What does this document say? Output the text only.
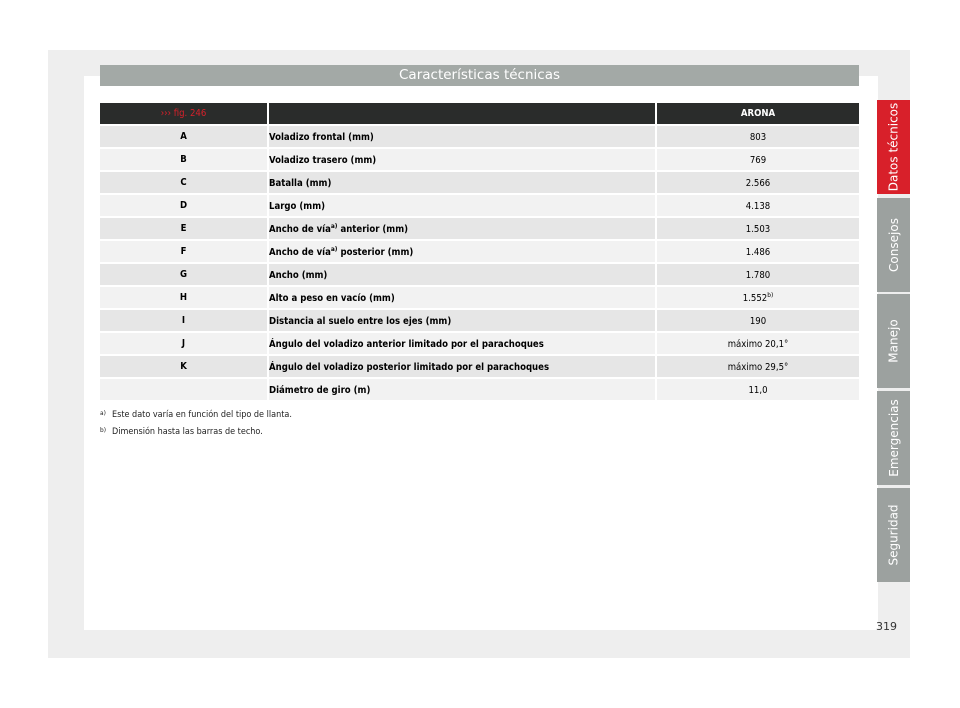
Características técnicas
››› fig. 246		ARONA
A	Voladizo frontal (mm)	803
B	Voladizo trasero (mm)	769
C	Batalla (mm)	2.566
D	Largo (mm)	4.138
E	Ancho de vía$^{a)}$ anterior (mm)	1.503
F	Ancho de vía$^{a)}$ posterior (mm)	1.486
G	Ancho (mm)	1.780
H	Alto a peso en vacío (mm)	1.552$^{b)}$
I	Distancia al suelo entre los ejes (mm)	190
J	Ángulo del voladizo anterior limitado por el parachoques	máximo 20,1°
K	Ángulo del voladizo posterior limitado por el parachoques	máximo 29,5°
	Diámetro de giro (m)	11,0
a) Este dato varía en función del tipo de llanta.
b) Dimensión hasta las barras de techo.
Datos técnicos
Consejos
Manejo
Emergencias
Seguridad
319
